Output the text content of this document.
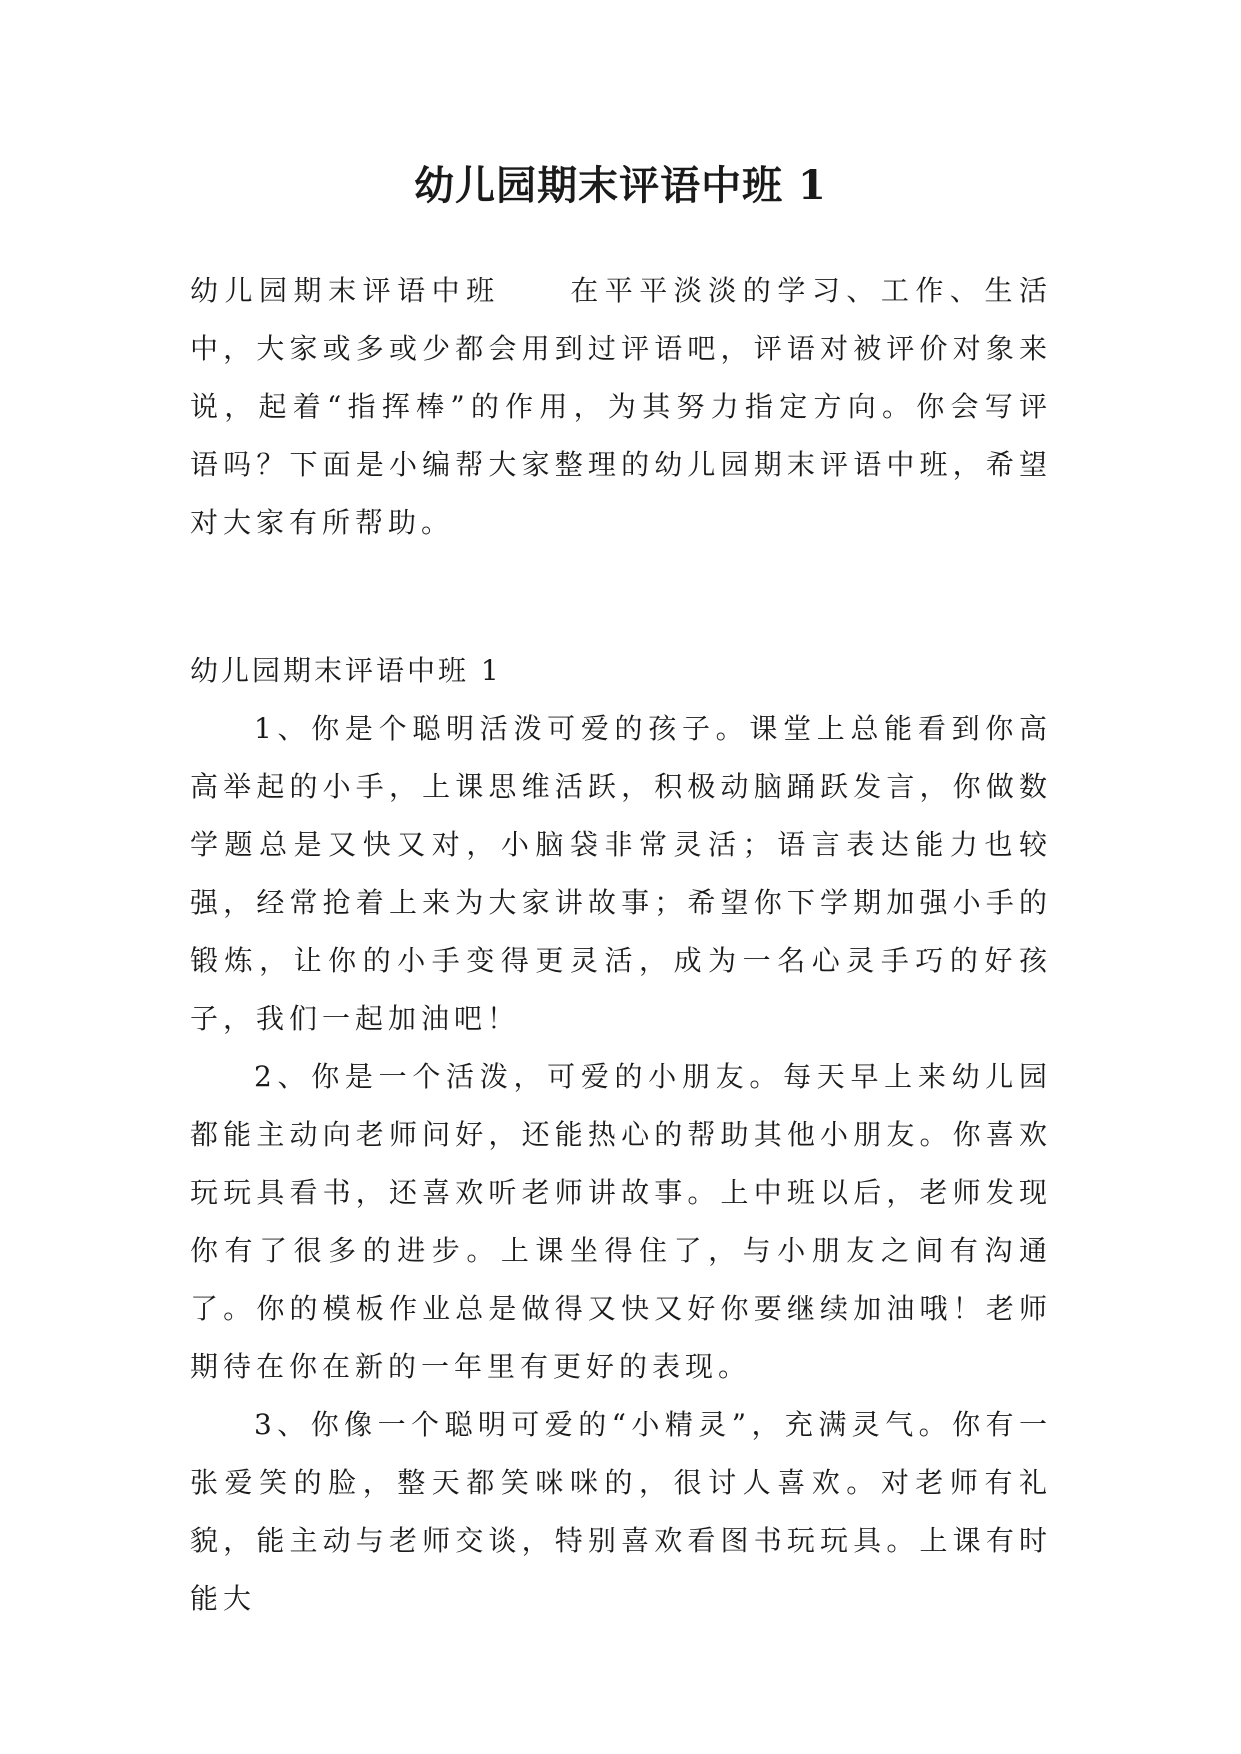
幼儿园期末评语中班 1
幼儿园期末评语中班 在平平淡淡的学习、工作、生活中，大家或多或少都会用到过评语吧，评语对被评价对象来说，起着“指挥棒”的作用，为其努力指定方向。你会写评语吗？下面是小编帮大家整理的幼儿园期末评语中班，希望对大家有所帮助。

幼儿园期末评语中班 1

1、你是个聪明活泼可爱的孩子。课堂上总能看到你高高举起的小手，上课思维活跃，积极动脑踊跃发言，你做数学题总是又快又对，小脑袋非常灵活；语言表达能力也较强，经常抢着上来为大家讲故事；希望你下学期加强小手的锻炼，让你的小手变得更灵活，成为一名心灵手巧的好孩子，我们一起加油吧！

2、你是一个活泼，可爱的小朋友。每天早上来幼儿园都能主动向老师问好，还能热心的帮助其他小朋友。你喜欢玩玩具看书，还喜欢听老师讲故事。上中班以后，老师发现你有了很多的进步。上课坐得住了，与小朋友之间有沟通了。你的模板作业总是做得又快又好你要继续加油哦！老师期待在你在新的一年里有更好的表现。

3、你像一个聪明可爱的“小精灵”，充满灵气。你有一张爱笑的脸，整天都笑咪咪的，很讨人喜欢。对老师有礼貌，能主动与老师交谈，特别喜欢看图书玩玩具。上课有时能大
